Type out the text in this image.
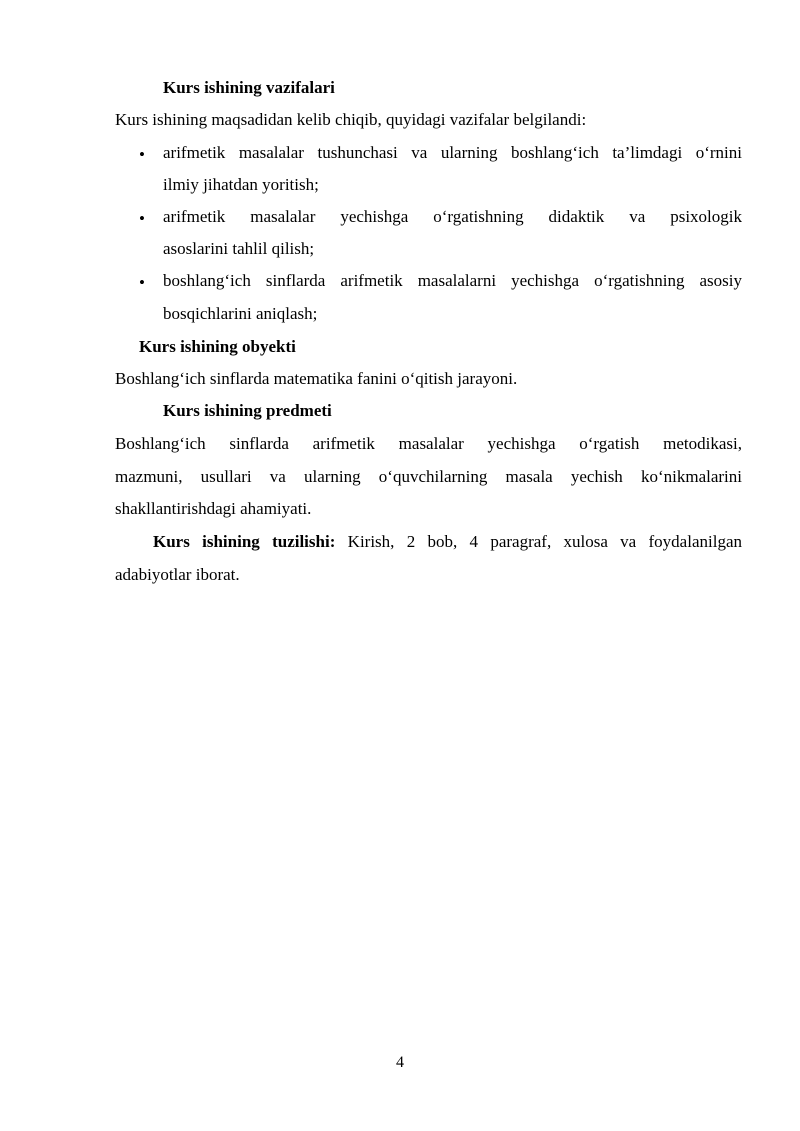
Kurs ishining vazifalari
Kurs ishining maqsadidan kelib chiqib, quyidagi vazifalar belgilandi:
• arifmetik masalalar tushunchasi va ularning boshlang‘ich ta’limdagi o‘rnini
ilmiy jihatdan yoritish;
• arifmetik masalalar yechishga o‘rgatishning didaktik va psixologik
asoslarini tahlil qilish;
• boshlang‘ich sinflarda arifmetik masalalarni yechishga o‘rgatishning asosiy
bosqichlarini aniqlash;
Kurs ishining obyekti
Boshlang‘ich sinflarda matematika fanini o‘qitish jarayoni.
Kurs ishining predmeti
Boshlang‘ich sinflarda arifmetik masalalar yechishga o‘rgatish metodikasi,
mazmuni, usullari va ularning o‘quvchilarning masala yechish ko‘nikmalarini
shakllantirishdagi ahamiyati.
Kurs ishining tuzilishi: Kirish, 2 bob, 4 paragraf, xulosa va foydalanilgan
adabiyotlar iborat.
4
